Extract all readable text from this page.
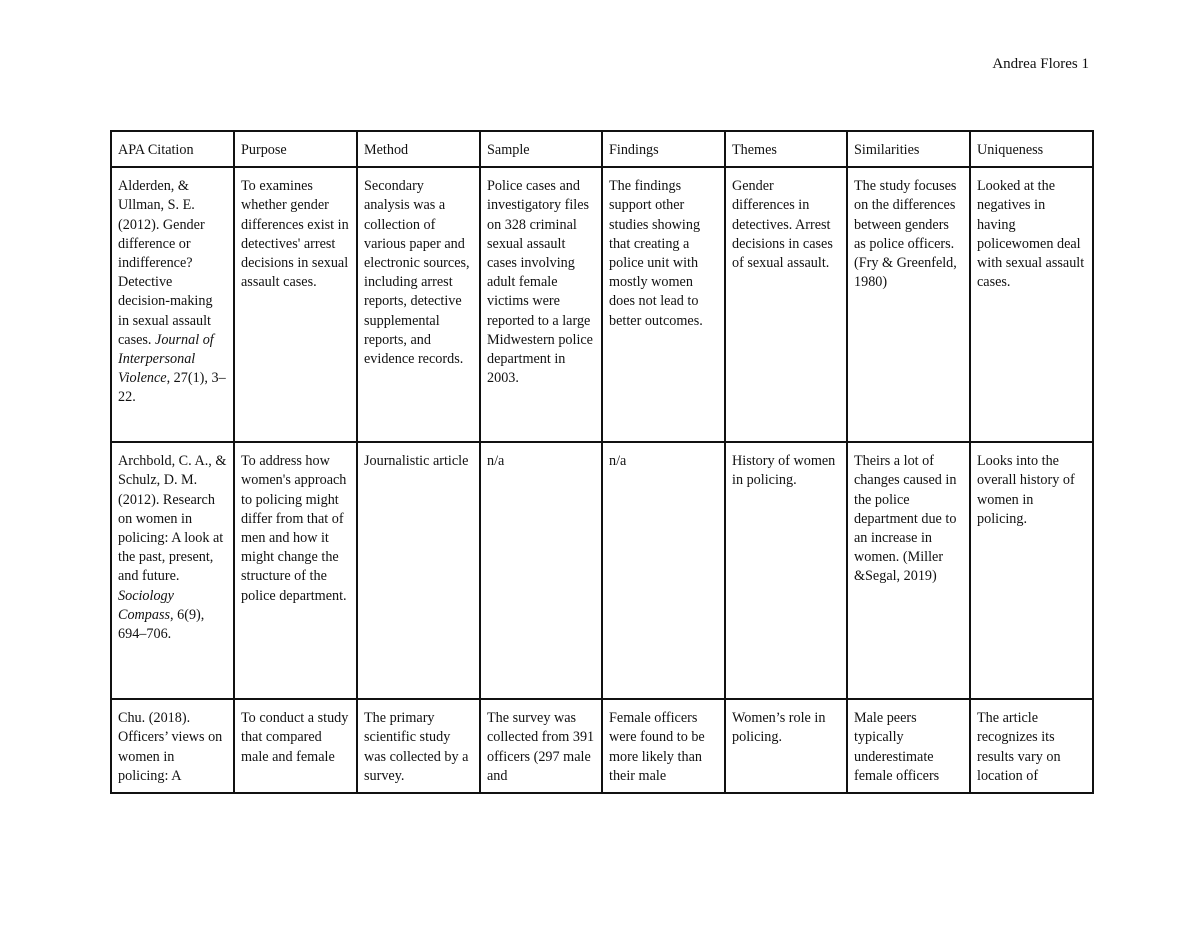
Andrea Flores 1
APA Citation	Purpose	Method	Sample	Findings	Themes	Similarities	Uniqueness
Alderden, & Ullman, S. E. (2012). Gender difference or indifference? Detective decision-making in sexual assault cases. Journal of Interpersonal Violence, 27(1), 3–22.	To examines whether gender differences exist in detectives' arrest decisions in sexual assault cases.	Secondary analysis was a collection of various paper and electronic sources, including arrest reports, detective supplemental reports, and evidence records.	Police cases and investigatory files on 328 criminal sexual assault cases involving adult female victims were reported to a large Midwestern police department in 2003.	The findings support other studies showing that creating a police unit with mostly women does not lead to better outcomes.	Gender differences in detectives. Arrest decisions in cases of sexual assault.	The study focuses on the differences between genders as police officers. (Fry & Greenfeld, 1980)	Looked at the negatives in having policewomen deal with sexual assault cases.
Archbold, C. A., & Schulz, D. M. (2012). Research on women in policing: A look at the past, present, and future. Sociology Compass, 6(9), 694–706.	To address how women's approach to policing might differ from that of men and how it might change the structure of the police department.	Journalistic article	n/a	n/a	History of women in policing.	Theirs a lot of changes caused in the police department due to an increase in women. (Miller &Segal, 2019)	Looks into the overall history of women in policing.
Chu. (2018). Officers’ views on women in policing: A	To conduct a study that compared male and female	The primary scientific study was collected by a survey.	The survey was collected from 391 officers (297 male and	Female officers were found to be more likely than their male	Women’s role in policing.	Male peers typically underestimate female officers	The article recognizes its results vary on location of
